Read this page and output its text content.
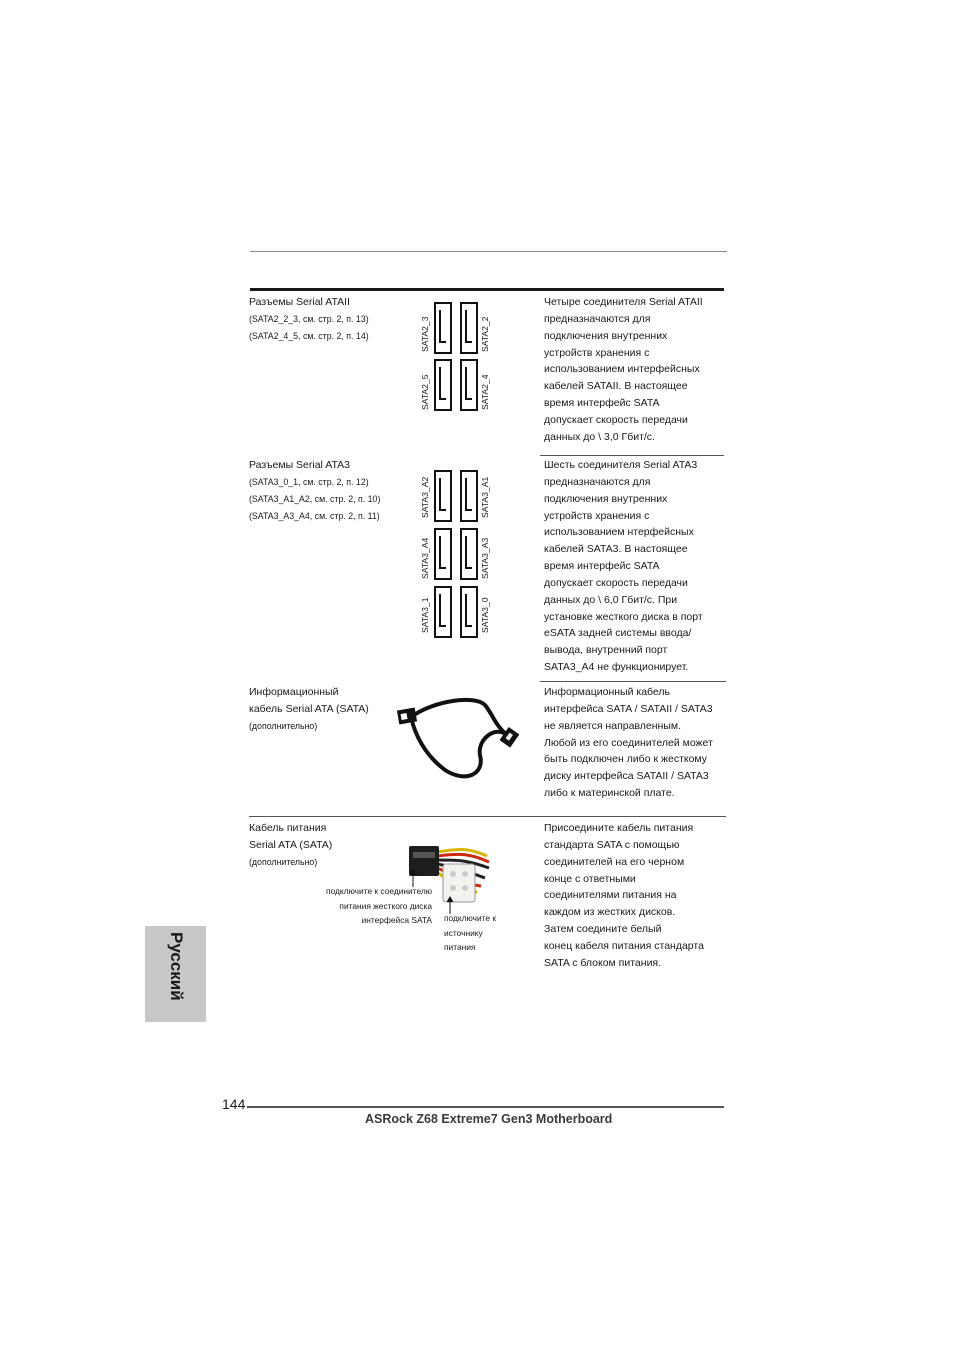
Разъемы Serial ATAII
(SATA2_2_3, см. стр. 2, п. 13)
(SATA2_4_5, см. стр. 2, п. 14)	SATA2_3	SATA2_2
SATA2_5	SATA2_4
Четыре соединителя Serial ATAII
предназначаются для
подключения внутренних
устройств хранения с
использованием интерфейсных
кабелей SATAII. В настоящее
время интерфейс SATA
допускает скорость передачи
данных до \ 3,0 Гбит/с.
Разъемы Serial ATA3
(SATA3_0_1, см. стр. 2, п. 12)
(SATA3_A1_A2, см. стр. 2, п. 10)
(SATA3_A3_A4, см. стр. 2, п. 11)	SATA3_A2	SATA3_A1
SATA3_A4	SATA3_A3
SATA3_1	SATA3_0
Шесть соединителя Serial ATA3
предназначаются для
подключения внутренних
устройств хранения с
использованием нтерфейсных
кабелей SATA3. В настоящее
время интерфейс SATA
допускает скорость передачи
данных до \ 6,0 Гбит/с. При
установке жесткого диска в порт
eSATA задней системы ввода/
вывода, внутренний порт
SATA3_A4 не функционирует.
Информационный
кабель Serial ATA (SATA)
(дополнительно)
Информационный кабель
интерфейса SATA / SATAII / SATA3
не является направленным.
Любой из его соединителей может
быть подключен либо к жесткому
диску интерфейса SATAII / SATA3
либо к материнской плате.
Кабель питания
Serial ATA (SATA)
(дополнительно)
подключите к соединителю
питания жесткого диска
интерфейса SATA подключите к
источнику
питания
Присоедините кабель питания
стандарта SATA с помощью
соединителей на его черном
конце с ответными
соединителями питания на
каждом из жестких дисков.
Затем соедините белый
конец кабеля питания стандарта
SATA с блоком питания.
Русский
144
ASRock Z68 Extreme7 Gen3 Motherboard
